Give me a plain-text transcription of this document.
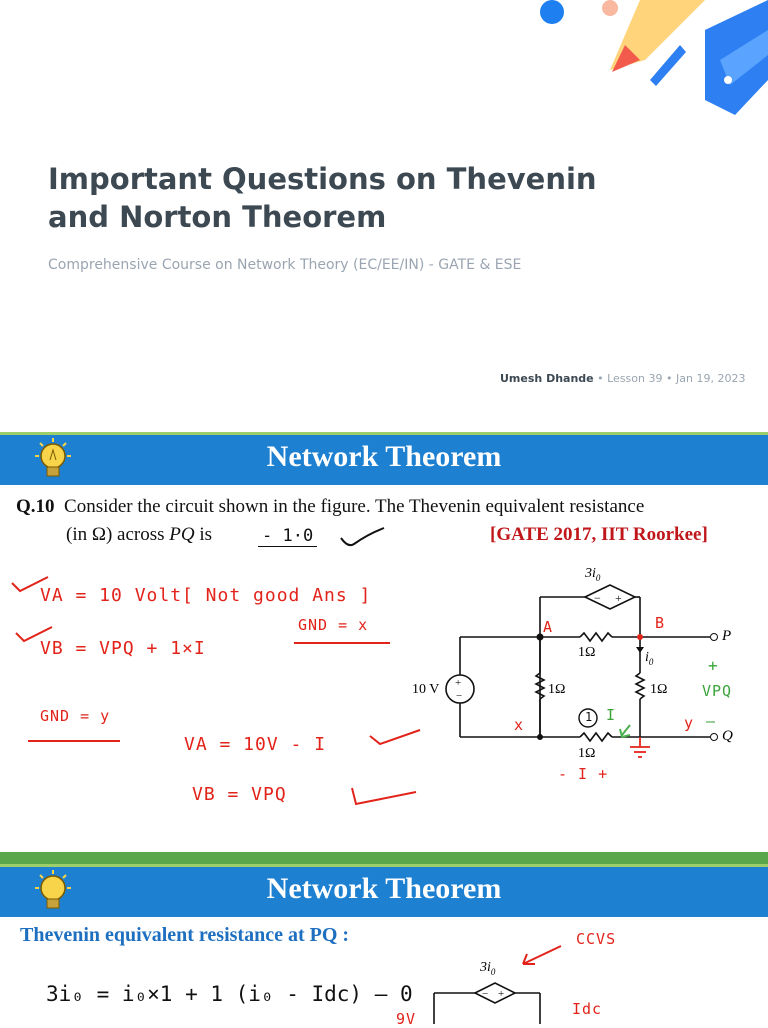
Important Questions on Thevenin and Norton Theorem
Comprehensive Course on Network Theory (EC/EE/IN) - GATE & ESE
Umesh Dhande • Lesson 39 • Jan 19, 2023
Network Theorem
Q.10 Consider the circuit shown in the figure. The Thevenin equivalent resistance
(in Ω) across PQ is	- 1·0	[GATE 2017, IIT Roorkee]
VA = 10 Volt [ Not good Ans ]
VB = VPQ + 1×I
GND = x
GND = y
VA = 10V - I
VB = VPQ
− +
+
−
$3i_0$
10 V
1Ω
1Ω	1Ω
1Ω
$i_0$
P
Q
A	B
x	y
1 I
- I +
+
VPQ
–
Network Theorem
Thevenin equivalent resistance at PQ :
3i₀ = i₀×1 + 1 (i₀ - Idc) — 0
$3i_0$
− +
CCVS
Idc
9V
